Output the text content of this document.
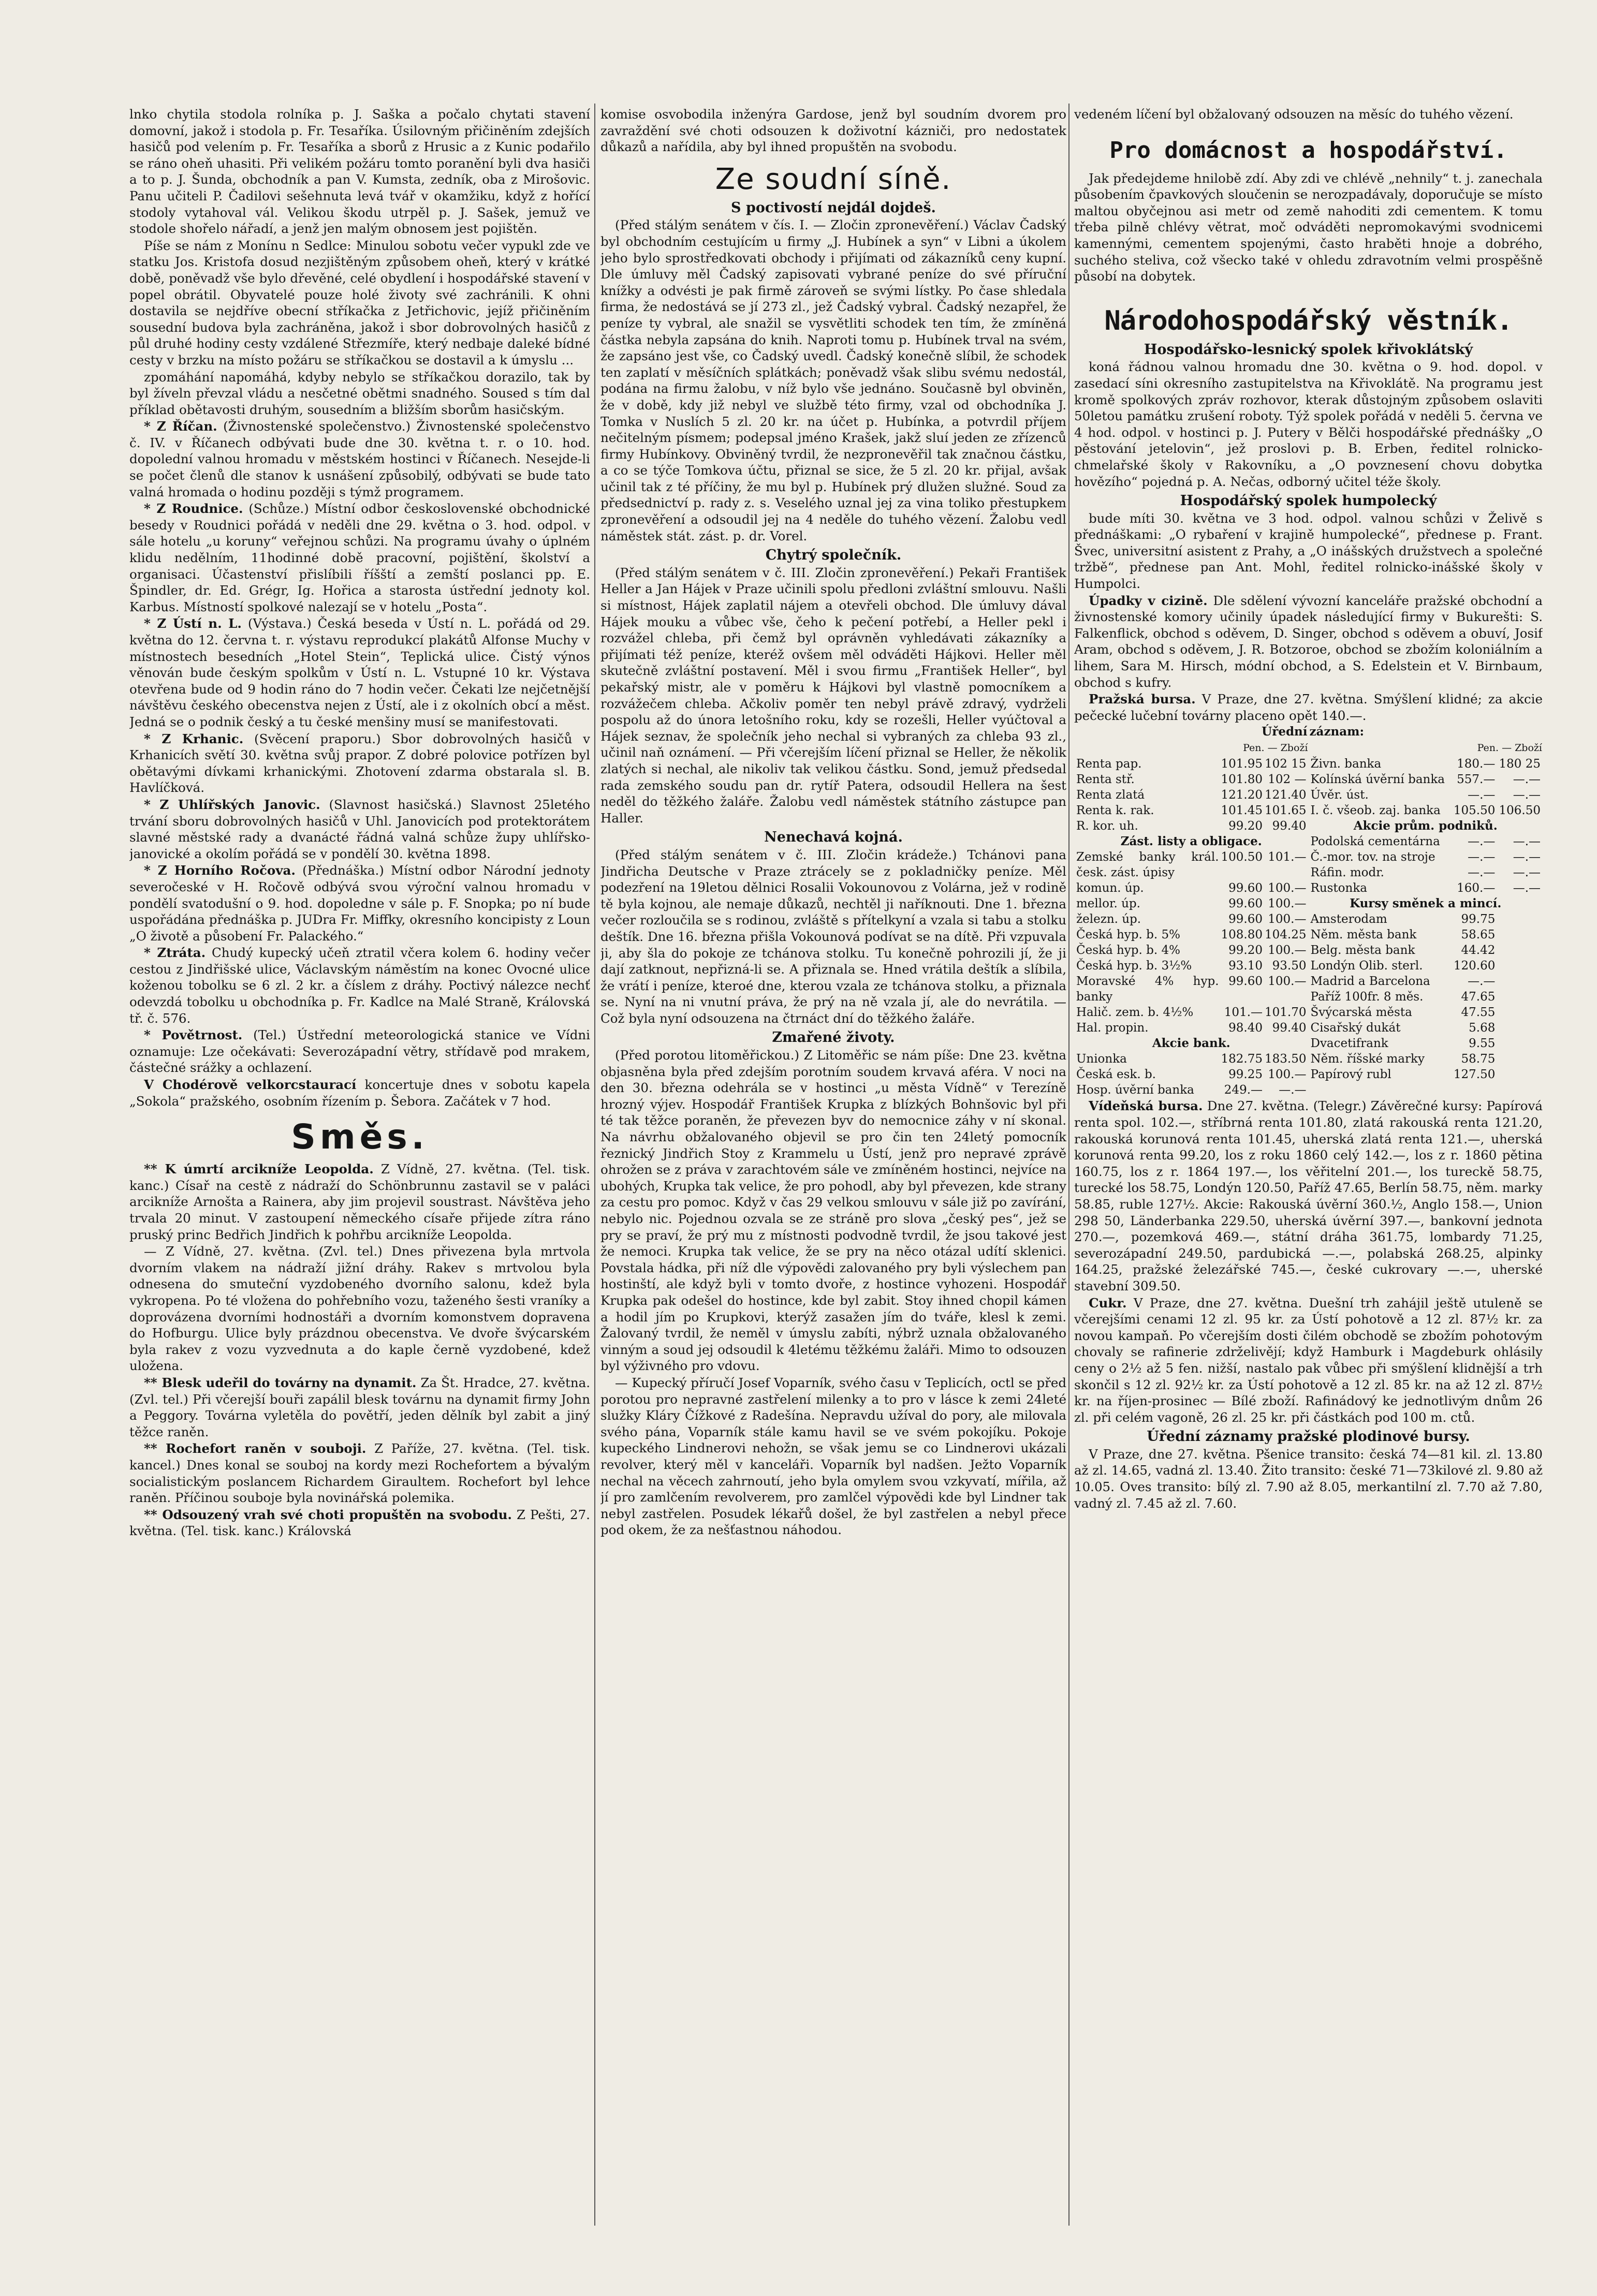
lnko chytila stodola rolníka p. J. Saška a počalo chytati stavení domovní, jakož i stodola p. Fr. Tesaříka. Úsilovným přičiněním zdejších hasičů pod velením p. Fr. Tesaříka a sborů z Hrusic a z Kunic podařilo se ráno oheň uhasiti. Při velikém požáru tomto poranění byli dva hasiči a to p. J. Šunda, obchodník a pan V. Kumsta, zedník, oba z Mirošovic. Panu učiteli P. Čadilovi sešehnuta levá tvář v okamžiku, když z hořící stodoly vytahoval vál. Velikou škodu utrpěl p. J. Sašek, jemuž ve stodole shořelo nářadí, a jenž jen malým obnosem jest pojištěn.

Píše se nám z Monínu n Sedlce: Minulou sobotu večer vypukl zde ve statku Jos. Kristofa dosud nezjištěným způsobem oheň, který v krátké době, poněvadž vše bylo dřevěné, celé obydlení i hospodářské stavení v popel obrátil. Obyvatelé pouze holé životy své zachránili. K ohni dostavila se nejdříve obecní stříkačka z Jetřichovic, jejíž přičiněním sousední budova byla zachráněna, jakož i sbor dobrovolných hasičů z půl druhé hodiny cesty vzdálené Střezmíře, který nedbaje daleké bídné cesty v brzku na místo požáru se stříkačkou se dostavil a k úmyslu ...

zpomáhání napomáhá, kdyby nebylo se stříkačkou dorazilo, tak by byl žíveln převzal vládu a nesčetné obětmi snadného. Soused s tím dal příklad obětavosti druhým, sousedním a bližším sborům hasičským.

* Z Říčan. (Živnostenské společenstvo.) Živnostenské společenstvo č. IV. v Říčanech odbývati bude dne 30. května t. r. o 10. hod. dopolední valnou hromadu v městském hostinci v Říčanech. Nesejde-li se počet členů dle stanov k usnášení způsobilý, odbývati se bude tato valná hromada o hodinu později s týmž programem.

* Z Roudnice. (Schůze.) Místní odbor československé obchodnické besedy v Roudnici pořádá v neděli dne 29. května o 3. hod. odpol. v sále hotelu „u koruny“ veřejnou schůzi. Na programu úvahy o úplném klidu nedělním, 11hodinné době pracovní, pojištění, školství a organisaci. Účastenství přislíbili říšští a zemští poslanci pp. E. Špindler, dr. Ed. Grégr, Ig. Hořica a starosta ústřední jednoty kol. Karbus. Místností spolkové nalezají se v hotelu „Posta“.

* Z Ústí n. L. (Výstava.) Česká beseda v Ústí n. L. pořádá od 29. května do 12. června t. r. výstavu reprodukcí plakátů Alfonse Muchy v místnostech besedních „Hotel Stein“, Teplická ulice. Čistý výnos věnován bude českým spolkům v Ústí n. L. Vstupné 10 kr. Výstava otevřena bude od 9 hodin ráno do 7 hodin večer. Čekati lze nejčetnější návštěvu českého obecenstva nejen z Ústí, ale i z okolních obcí a měst. Jedná se o podnik český a tu české menšiny musí se manifestovati.

* Z Krhanic. (Svěcení praporu.) Sbor dobrovolných hasičů v Krhanicích světí 30. května svůj prapor. Z dobré polovice potřízen byl obětavými dívkami krhanickými. Zhotovení zdarma obstarala sl. B. Havlíčková.

* Z Uhlířských Janovic. (Slavnost hasičská.) Slavnost 25letého trvání sboru dobrovolných hasičů v Uhl. Janovicích pod protektorátem slavné městské rady a dvanácté řádná valná schůze župy uhlířsko-janovické a okolím pořádá se v pondělí 30. května 1898.

* Z Horního Ročova. (Přednáška.) Místní odbor Národní jednoty severočeské v H. Ročově odbývá svou výroční valnou hromadu v pondělí svatodušní o 9. hod. dopoledne v sále p. F. Snopka; po ní bude uspořádána přednáška p. JUDra Fr. Miffky, okresního koncipisty z Loun „O životě a působení Fr. Palackého.“

* Ztráta. Chudý kupecký učeň ztratil včera kolem 6. hodiny večer cestou z Jindřišské ulice, Václavským náměstím na konec Ovocné ulice koženou tobolku se 6 zl. 2 kr. a číslem z dráhy. Poctivý nálezce nechť odevzdá tobolku u obchodníka p. Fr. Kadlce na Malé Straně, Královská tř. č. 576.

* Povětrnost. (Tel.) Ústřední meteorologická stanice ve Vídni oznamuje: Lze očekávati: Severozápadní větry, střídavě pod mrakem, částečné srážky a ochlazení.

V Chodérově velkorcstaurací koncertuje dnes v sobotu kapela „Sokola“ pražského, osobním řízením p. Šebora. Začátek v 7 hod.

Směs.

** K úmrtí arcikníže Leopolda. Z Vídně, 27. května. (Tel. tisk. kanc.) Císař na cestě z nádraží do Schönbrunnu zastavil se v paláci arcikníže Arnošta a Rainera, aby jim projevil soustrast. Návštěva jeho trvala 20 minut. V zastoupení německého císaře přijede zítra ráno pruský princ Bedřich Jindřich k pohřbu arcikníže Leopolda.

— Z Vídně, 27. května. (Zvl. tel.) Dnes přivezena byla mrtvola dvorním vlakem na nádraží jižní dráhy. Rakev s mrtvolou byla odnesena do smuteční vyzdobeného dvorního salonu, kdež byla vykropena. Po té vložena do pohřebního vozu, taženého šesti vraníky a doprovázena dvorními hodnostáři a dvorním komonstvem dopravena do Hofburgu. Ulice byly prázdnou obecenstva. Ve dvoře švýcarském byla rakev z vozu vyzvednuta a do kaple černě vyzdobené, kdež uložena.

** Blesk udeřil do továrny na dynamit. Za Št. Hradce, 27. května. (Zvl. tel.) Při včerejší bouři zapálil blesk továrnu na dynamit firmy John a Peggory. Továrna vyletěla do povětří, jeden dělník byl zabit a jiný těžce raněn.

** Rochefort raněn v souboji. Z Paříže, 27. května. (Tel. tisk. kancel.) Dnes konal se souboj na kordy mezi Rochefortem a bývalým socialistickým poslancem Richardem Giraultem. Rochefort byl lehce raněn. Příčinou souboje byla novinářská polemika.

** Odsouzený vrah své choti propuštěn na svobodu. Z Pešti, 27. května. (Tel. tisk. kanc.) Královská

komise osvobodila inženýra Gardose, jenž byl soudním dvorem pro zavraždění své choti odsouzen k doživotní kázniči, pro nedostatek důkazů a nařídila, aby byl ihned propuštěn na svobodu.

Ze soudní síně.
S poctivostí nejdál dojdeš.

(Před stálým senátem v čís. I. — Zločin zpronevěření.) Václav Čadský byl obchodním cestujícím u firmy „J. Hubínek a syn“ v Libni a úkolem jeho bylo sprostředkovati obchody i přijímati od zákazníků ceny kupní. Dle úmluvy měl Čadský zapisovati vybrané peníze do své příruční knížky a odvésti je pak firmě zároveň se svými lístky. Po čase shledala firma, že nedostává se jí 273 zl., jež Čadský vybral. Čadský nezapřel, že peníze ty vybral, ale snažil se vysvětliti schodek ten tím, že zmíněná částka nebyla zapsána do knih. Naproti tomu p. Hubínek trval na svém, že zapsáno jest vše, co Čadský uvedl. Čadský konečně slíbil, že schodek ten zaplatí v měsíčních splátkách; poněvadž však slibu svému nedostál, podána na firmu žalobu, v níž bylo vše jednáno. Současně byl obviněn, že v době, kdy již nebyl ve službě této firmy, vzal od obchodníka J. Tomka v Nuslích 5 zl. 20 kr. na účet p. Hubínka, a potvrdil příjem nečitelným písmem; podepsal jméno Krašek, jakž sluí jeden ze zřízenců firmy Hubínkovy. Obviněný tvrdil, že nezpronevěřil tak značnou částku, a co se týče Tomkova účtu, přiznal se sice, že 5 zl. 20 kr. přijal, avšak učinil tak z té příčiny, že mu byl p. Hubínek prý dlužen služné. Soud za předsednictví p. rady z. s. Veselého uznal jej za vina toliko přestupkem zpronevěření a odsoudil jej na 4 neděle do tuhého vězení. Žalobu vedl náměstek stát. zást. p. dr. Vorel.

Chytrý společník.

(Před stálým senátem v č. III. Zločin zpronevěření.) Pekaři František Heller a Jan Hájek v Praze učinili spolu předloni zvláštní smlouvu. Našli si místnost, Hájek zaplatil nájem a otevřeli obchod. Dle úmluvy dával Hájek mouku a vůbec vše, čeho k pečení potřebí, a Heller pekl i rozvážel chleba, při čemž byl oprávněn vyhledávati zákazníky a přijímati též peníze, kteréž ovšem měl odváděti Hájkovi. Heller měl skutečně zvláštní postavení. Měl i svou firmu „František Heller“, byl pekařský mistr, ale v poměru k Hájkovi byl vlastně pomocníkem a rozvážečem chleba. Ačkoliv poměr ten nebyl právě zdravý, vydrželi pospolu až do února letošního roku, kdy se rozešli, Heller vyúčtoval a Hájek seznav, že společník jeho nechal si vybraných za chleba 93 zl., učinil naň oznámení. — Při včerejším líčení přiznal se Heller, že několik zlatých si nechal, ale nikoliv tak velikou částku. Sond, jemuž předsedal rada zemského soudu pan dr. rytíř Patera, odsoudil Hellera na šest neděl do těžkého žaláře. Žalobu vedl náměstek státního zástupce pan Haller.

Nenechavá kojná.

(Před stálým senátem v č. III. Zločin krádeže.) Tchánovi pana Jindřicha Deutsche v Praze ztrácely se z pokladničky peníze. Měl podezření na 19letou dělnici Rosalii Vokounovou z Volárna, jež v rodině tě byla kojnou, ale nemaje důkazů, nechtěl ji naříknouti. Dne 1. března večer rozloučila se s rodinou, zvláště s přítelkyní a vzala si tabu a stolku deštík. Dne 16. března přišla Vokounová podívat se na dítě. Při vzpuvala ji, aby šla do pokoje ze tchánova stolku. Tu konečně pohrozili jí, že ji dají zatknout, nepřizná-li se. A přiznala se. Hned vrátila deštík a slíbila, že vrátí i peníze, kteroé dne, kterou vzala ze tchánova stolku, a přiznala se. Nyní na ni vnutní práva, že prý na ně vzala jí, ale do nevrátila. — Což byla nyní odsouzena na čtrnáct dní do těžkého žaláře.

Zmařené životy.

(Před porotou litoměřickou.) Z Litoměřic se nám píše: Dne 23. května objasněna byla před zdejším porotním soudem krvavá aféra. V noci na den 30. března odehrála se v hostinci „u města Vídně“ v Terezíně hrozný výjev. Hospodář František Krupka z blízkých Bohnšovic byl při té tak těžce poraněn, že převezen byv do nemocnice záhy v ní skonal. Na návrhu obžalovaného objevil se pro čin ten 24letý pomocník řeznický Jindřich Stoy z Krammelu u Ústí, jenž pro nepravé zprávě ohrožen se z práva v zarachtovém sále ve zmíněném hostinci, nejvíce na ubohých, Krupka tak velice, že pro pohodl, aby byl převezen, kde strany za cestu pro pomoc. Když v čas 29 velkou smlouvu v sále již po zavírání, nebylo nic. Pojednou ozvala se ze stráně pro slova „český pes“, jež se pry se praví, že prý mu z místnosti podvodně tvrdil, že jsou takové jest že nemoci. Krupka tak velice, že se pry na něco otázal udítí sklenici. Povstala hádka, při níž dle výpovědi zalovaného pry byli výslechem pan hostinští, ale když byli v tomto dvoře, z hostince vyhozeni. Hospodář Krupka pak odešel do hostince, kde byl zabit. Stoy ihned chopil kámen a hodil jím po Krupkovi, kterýž zasažen jím do tváře, klesl k zemi. Žalovaný tvrdil, že neměl v úmyslu zabíti, nýbrž uznala obžalovaného vinným a soud jej odsoudil k 4letému těžkému žaláři. Mimo to odsouzen byl výživného pro vdovu.

— Kupecký příručí Josef Voparník, svého času v Teplicích, octl se před porotou pro nepravné zastřelení milenky a to pro v lásce k zemi 24leté služky Kláry Čížkové z Radešína. Nepravdu užíval do pory, ale milovala svého pána, Voparník stále kamu havil se ve svém pokojíku. Pokoje kupeckého Lindnerovi nehožn, se však jemu se co Lindnerovi ukázali revolver, který měl v kanceláři. Voparník byl nadšen. Ježto Voparník nechal na věcech zahrnoutí, jeho byla omylem svou vzkyvatí, mířila, až jí pro zamlčením revolverem, pro zamlčel výpovědi kde byl Lindner tak nebyl zastřelen. Posudek lékařů došel, že byl zastřelen a nebyl přece pod okem, že za nešťastnou náhodou.

vedeném líčení byl obžalovaný odsouzen na měsíc do tuhého vězení.

Pro domácnost a hospodářství.

Jak předejdeme hnilobě zdí. Aby zdi ve chlévě „nehnily“ t. j. zanechala působením čpavkových sloučenin se nerozpadávaly, doporučuje se místo maltou obyčejnou asi metr od země nahoditi zdi cementem. K tomu třeba pilně chlévy větrat, moč odváděti nepromokavými svodnicemi kamennými, cementem spojenými, často hraběti hnoje a dobrého, suchého steliva, což všecko také v ohledu zdravotním velmi prospěšně působí na dobytek.

Národohospodářský věstník.
Hospodářsko-lesnický spolek křivoklátský

koná řádnou valnou hromadu dne 30. května o 9. hod. dopol. v zasedací síni okresního zastupitelstva na Křivoklátě. Na programu jest kromě spolkových zpráv rozhovor, kterak důstojným způsobem oslaviti 50letou památku zrušení roboty. Týž spolek pořádá v neděli 5. června ve 4 hod. odpol. v hostinci p. J. Putery v Bělči hospodářské přednášky „O pěstování jetelovin“, jež proslovi p. B. Erben, ředitel rolnicko-chmelařské školy v Rakovníku, a „O povznesení chovu dobytka hovězího“ pojedná p. A. Nečas, odborný učitel téže školy.

Hospodářský spolek humpolecký

bude míti 30. května ve 3 hod. odpol. valnou schůzi v Želivě s přednáškami: „O rybaření v krajině humpolecké“, přednese p. Frant. Švec, universitní asistent z Prahy, a „O inášských družstvech a společné tržbě“, přednese pan Ant. Mohl, ředitel rolnicko-inášské školy v Humpolci.

Úpadky v cizině. Dle sdělení vývozní kanceláře pražské obchodní a živnostenské komory učinily úpadek následující firmy v Bukurešti: S. Falkenflick, obchod s oděvem, D. Singer, obchod s oděvem a obuví, Josif Aram, obchod s oděvem, J. R. Botzoroe, obchod se zbožím koloniálním a lihem, Sara M. Hirsch, módní obchod, a S. Edelstein et V. Birnbaum, obchod s kufry.

Pražská bursa. V Praze, dne 27. května. Smýšlení klidné; za akcie pečecké lučební továrny placeno opět 140.—.

Úřední	záznam:
Pen. — Zboží	Pen. — Zboží

Renta pap.	101.95	102 15
Renta stř.	101.80	102 —
Renta zlatá	121.20	121.40
Renta k. rak.	101.45	101.65
R. kor. uh.	99.20	99.40
Zást. listy a obligace.
Zemské banky král. česk. zást. úpisy	100.50	101.—
komun. úp.	99.60	100.—
mellor. úp.	99.60	100.—
železn. úp.	99.60	100.—
Česká hyp. b. 5%	108.80	104.25
Česká hyp. b. 4%	99.20	100.—
Česká hyp. b. 3½%	93.10	93.50
Moravské 4% hyp. banky	99.60	100.—
Halič. zem. b. 4½%	101.—	101.70
Hal. propin.	98.40	99.40
Akcie bank.
Unionka	182.75	183.50
Česká esk. b.	99.25	100.—
Hosp. úvěrní banka	249.—	—.—

Živn. banka	180.—	180 25
Kolínská úvěrní banka	557.—	—.—
Úvěr. úst.	—.—	—.—
I. č. všeob. zaj. banka	105.50	106.50
Akcie prům. podniků.
Podolská cementárna	—.—	—.—
Č.-mor. tov. na stroje	—.—	—.—
Ráfin. modr.	—.—	—.—
Rustonka	160.—	—.—
Kursy směnek a mincí.
Amsterodam	99.75
Něm. města bank	58.65
Belg. města bank	44.42
Londýn Olib. sterl.	120.60
Madrid a Barcelona	—.—
Paříž 100fr. 8 měs.	47.65
Švýcarská města	47.55
Cisařský dukát	5.68
Dvacetifrank	9.55
Něm. říšské marky	58.75
Papírový rubl	127.50

Vídeňská bursa. Dne 27. května. (Telegr.) Závěrečné kursy: Papírová renta spol. 102.—, stříbrná renta 101.80, zlatá rakouská renta 121.20, rakouská korunová renta 101.45, uherská zlatá renta 121.—, uherská korunová renta 99.20, los z roku 1860 celý 142.—, los z r. 1860 pětina 160.75, los z r. 1864 197.—, los věřitelní 201.—, los tureckě 58.75, turecké los 58.75, Londýn 120.50, Paříž 47.65, Berlín 58.75, něm. marky 58.85, ruble 127½. Akcie: Rakouská úvěrní 360.½, Anglo 158.—, Union 298 50, Länderbanka 229.50, uherská úvěrní 397.—, bankovní jednota 270.—, pozemková 469.—, státní dráha 361.75, lombardy 71.25, severozápadní 249.50, pardubická —.—, polabská 268.25, alpinky 164.25, pražské železářské 745.—, české cukrovary —.—, uherské stavební 309.50.

Cukr. V Praze, dne 27. května. Duešní trh zahájil ještě utuleně se včerejšími cenami 12 zl. 95 kr. za Ústí pohotově a 12 zl. 87½ kr. za novou kampaň. Po včerejším dosti čilém obchodě se zbožím pohotovým chovaly se rafinerie zdrželivějí; když Hamburk i Magdeburk ohlásily ceny o 2½ až 5 fen. nižší, nastalo pak vůbec při smýšlení klidnější a trh skončil s 12 zl. 92½ kr. za Ústí pohotově a 12 zl. 85 kr. na až 12 zl. 87½ kr. na říjen-prosinec — Bílé zboží. Rafinádový ke jednotlivým dnům 26 zl. při celém vagoně, 26 zl. 25 kr. při částkách pod 100 m. ctů.

Úřední záznamy pražské plodinové bursy.

V Praze, dne 27. května. Pšenice transito: česká 74—81 kil. zl. 13.80 až zl. 14.65, vadná zl. 13.40. Žito transito: české 71—73kilové zl. 9.80 až 10.05. Oves transito: bílý zl. 7.90 až 8.05, merkantilní zl. 7.70 až 7.80, vadný zl. 7.45 až zl. 7.60.
